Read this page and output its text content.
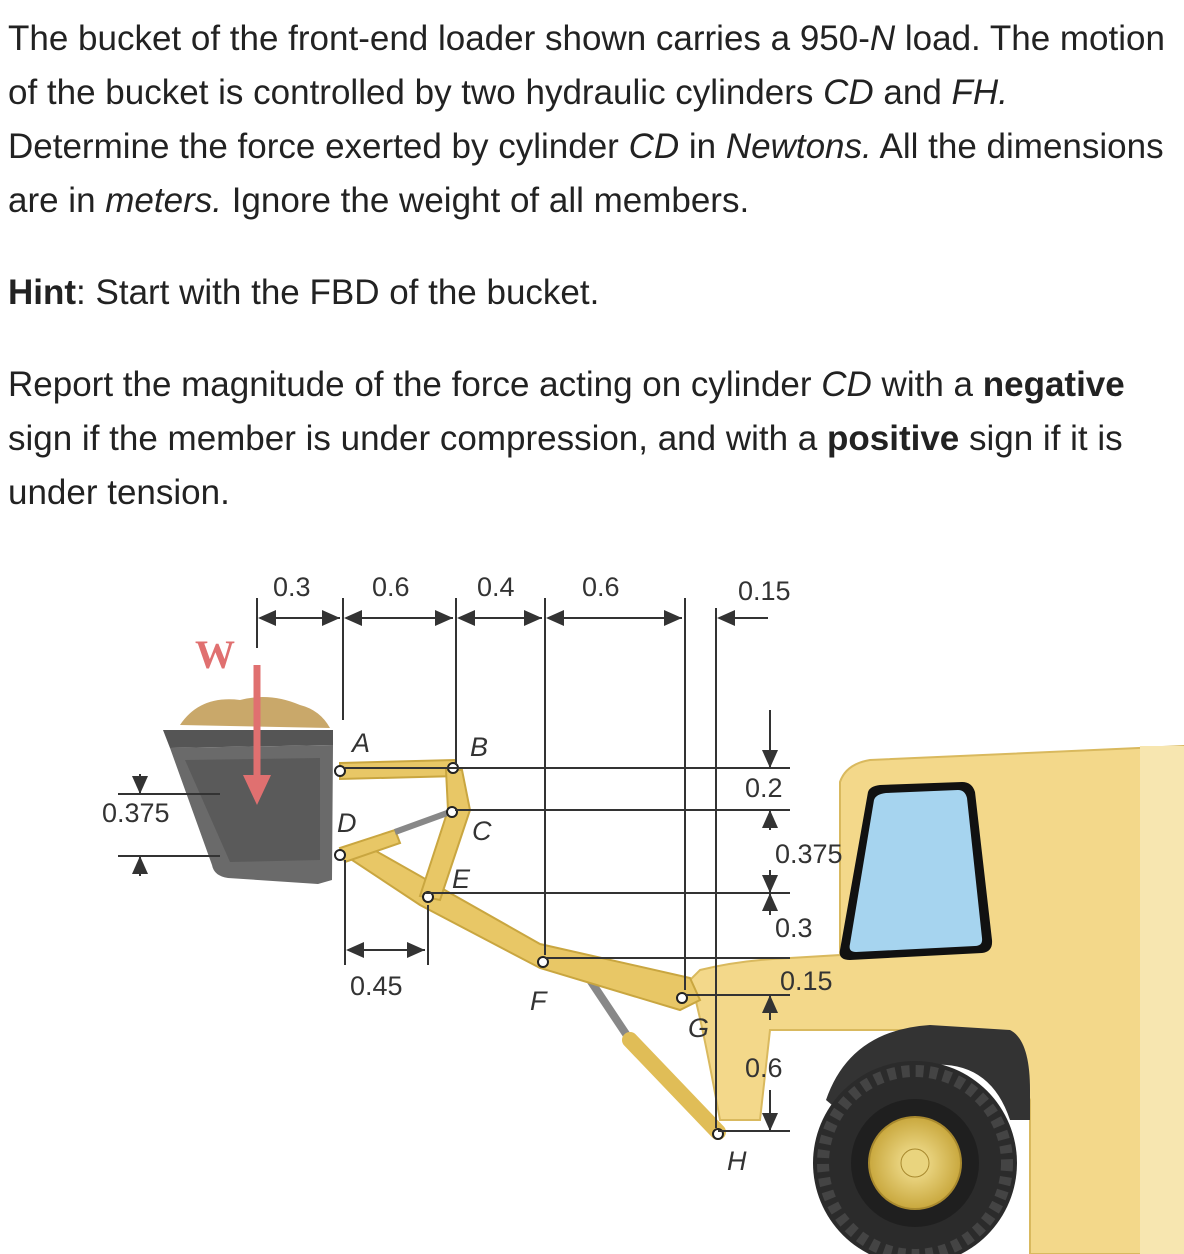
The bucket of the front-end loader shown carries a 950-N load. The motion of the bucket is controlled by two hydraulic cylinders CD and FH. Determine the force exerted by cylinder CD in Newtons. All the dimensions are in meters. Ignore the weight of all members.

Hint: Start with the FBD of the bucket.

Report the magnitude of the force acting on cylinder CD with a negative sign if the member is under compression, and with a positive sign if it is under tension.

W
0.3 0.6 0.4 0.6	0.15
0.375
0.45
0.2
0.375
0.3
0.15
0.6
A	B
C
D
E
F
G
H
